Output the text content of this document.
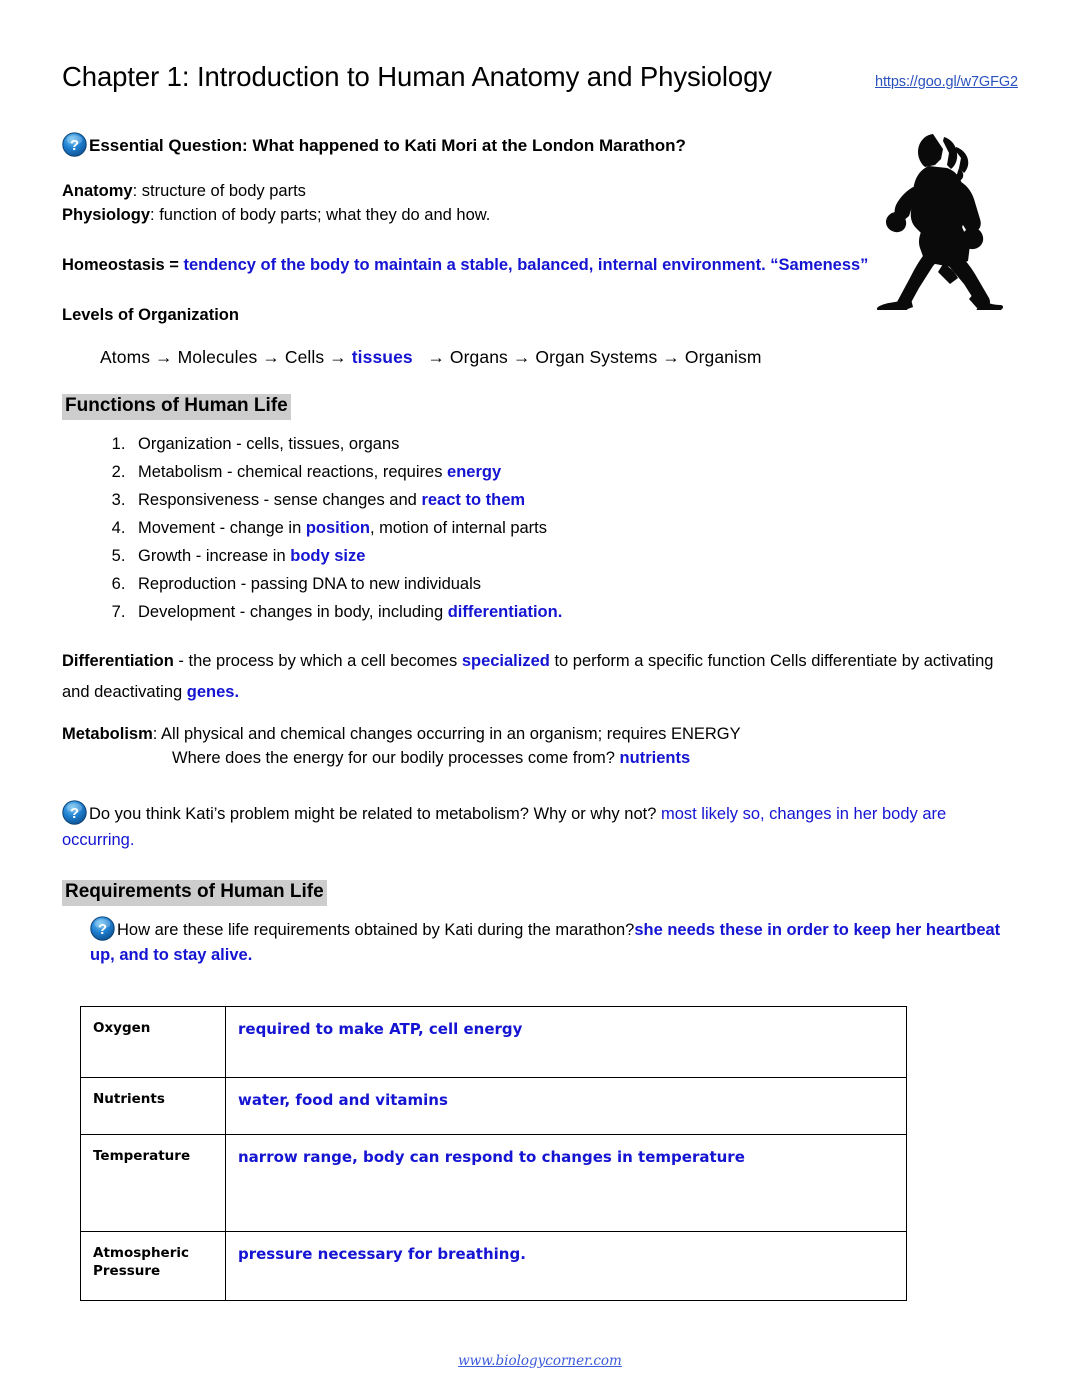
Chapter 1: Introduction to Human Anatomy and Physiology	https://goo.gl/w7GFG2
? Essential Question: What happened to Kati Mori at the London Marathon?
Anatomy: structure of body parts
Physiology: function of body parts; what they do and how.
Homeostasis = tendency of the body to maintain a stable, balanced, internal environment. “Sameness”
Levels of Organization
Atoms → Molecules → Cells → tissues → Organs → Organ Systems → Organism
Functions of Human Life
1. Organization - cells, tissues, organs
2. Metabolism - chemical reactions, requires energy
3. Responsiveness - sense changes and react to them
4. Movement - change in position, motion of internal parts
5. Growth - increase in body size
6. Reproduction - passing DNA to new individuals
7. Development - changes in body, including differentiation.
Differentiation - the process by which a cell becomes specialized to perform a specific function Cells differentiate by activating and deactivating genes.
Metabolism: All physical and chemical changes occurring in an organism; requires ENERGY
Where does the energy for our bodily processes come from? nutrients
? Do you think Kati’s problem might be related to metabolism? Why or why not? most likely so, changes in her body are occurring.
Requirements of Human Life
? How are these life requirements obtained by Kati during the marathon?she needs these in order to keep her heartbeat up, and to stay alive.
Oxygen	required to make ATP, cell energy
Nutrients	water, food and vitamins
Temperature	narrow range, body can respond to changes in temperature
Atmospheric Pressure	pressure necessary for breathing.
www.biologycorner.com
